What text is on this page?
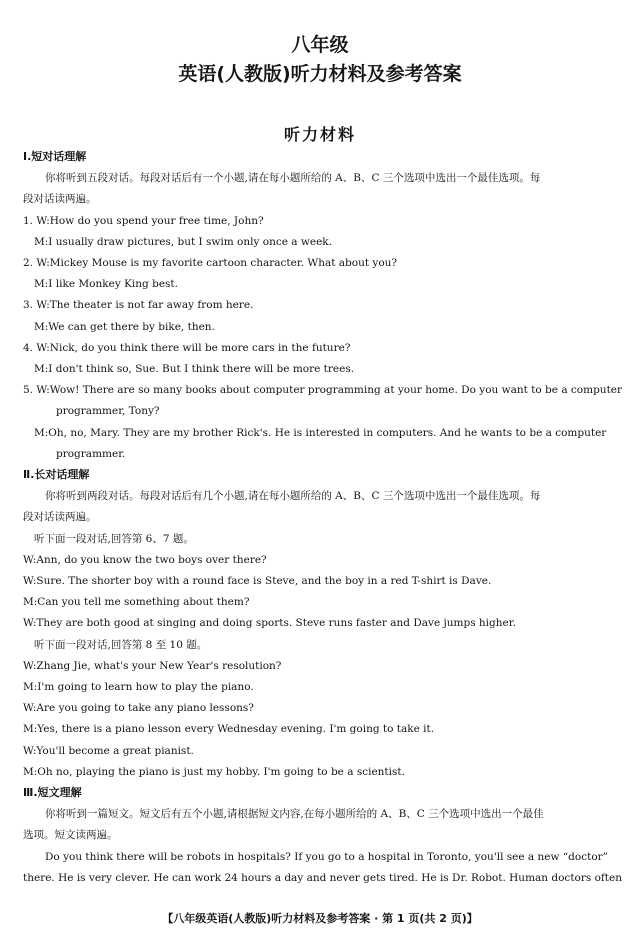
八年级
英语(人教版)听力材料及参考答案
听力材料
Ⅰ.短对话理解
你将听到五段对话。每段对话后有一个小题,请在每小题所给的 A、B、C 三个选项中选出一个最佳选项。每
段对话读两遍。
1. W:How do you spend your free time, John?
M:I usually draw pictures, but I swim only once a week.
2. W:Mickey Mouse is my favorite cartoon character. What about you?
M:I like Monkey King best.
3. W:The theater is not far away from here.
M:We can get there by bike, then.
4. W:Nick, do you think there will be more cars in the future?
M:I don't think so, Sue. But I think there will be more trees.
5. W:Wow! There are so many books about computer programming at your home. Do you want to be a computer
programmer, Tony?
M:Oh, no, Mary. They are my brother Rick's. He is interested in computers. And he wants to be a computer
programmer.
Ⅱ.长对话理解
你将听到两段对话。每段对话后有几个小题,请在每小题所给的 A、B、C 三个选项中选出一个最佳选项。每
段对话读两遍。
听下面一段对话,回答第 6、7 题。
W:Ann, do you know the two boys over there?
W:Sure. The shorter boy with a round face is Steve, and the boy in a red T-shirt is Dave.
M:Can you tell me something about them?
W:They are both good at singing and doing sports. Steve runs faster and Dave jumps higher.
听下面一段对话,回答第 8 至 10 题。
W:Zhang Jie, what's your New Year's resolution?
M:I'm going to learn how to play the piano.
W:Are you going to take any piano lessons?
M:Yes, there is a piano lesson every Wednesday evening. I'm going to take it.
W:You'll become a great pianist.
M:Oh no, playing the piano is just my hobby. I'm going to be a scientist.
Ⅲ.短文理解
你将听到一篇短文。短文后有五个小题,请根据短文内容,在每小题所给的 A、B、C 三个选项中选出一个最佳
选项。短文读两遍。
Do you think there will be robots in hospitals? If you go to a hospital in Toronto, you'll see a new “doctor”
there. He is very clever. He can work 24 hours a day and never gets tired. He is Dr. Robot. Human doctors often
【八年级英语(人教版)听力材料及参考答案 · 第 1 页(共 2 页)】
